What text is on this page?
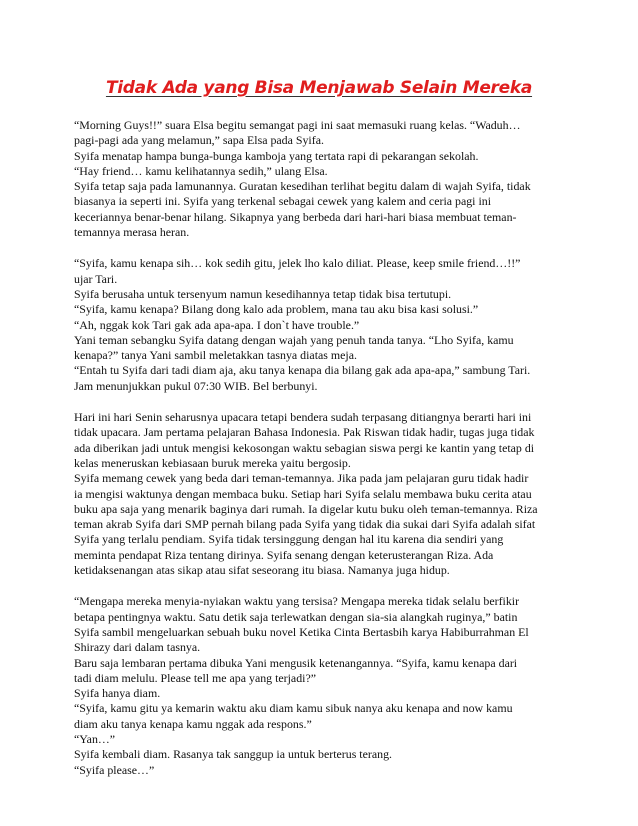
Tidak Ada yang Bisa Menjawab Selain Mereka
“Morning Guys!!” suara Elsa begitu semangat pagi ini saat memasuki ruang kelas. “Waduh…
pagi-pagi ada yang melamun,” sapa Elsa pada Syifa.
Syifa menatap hampa bunga-bunga kamboja yang tertata rapi di pekarangan sekolah.
“Hay friend… kamu kelihatannya sedih,” ulang Elsa.
Syifa tetap saja pada lamunannya. Guratan kesedihan terlihat begitu dalam di wajah Syifa, tidak
biasanya ia seperti ini. Syifa yang terkenal sebagai cewek yang kalem and ceria pagi ini
keceriannya benar-benar hilang. Sikapnya yang berbeda dari hari-hari biasa membuat teman-
temannya merasa heran.
“Syifa, kamu kenapa sih… kok sedih gitu, jelek lho kalo diliat. Please, keep smile friend…!!”
ujar Tari.
Syifa berusaha untuk tersenyum namun kesedihannya tetap tidak bisa tertutupi.
“Syifa, kamu kenapa? Bilang dong kalo ada problem, mana tau aku bisa kasi solusi.”
“Ah, nggak kok Tari gak ada apa-apa. I don`t have trouble.”
Yani teman sebangku Syifa datang dengan wajah yang penuh tanda tanya. “Lho Syifa, kamu
kenapa?” tanya Yani sambil meletakkan tasnya diatas meja.
“Entah tu Syifa dari tadi diam aja, aku tanya kenapa dia bilang gak ada apa-apa,” sambung Tari.
Jam menunjukkan pukul 07:30 WIB. Bel berbunyi.
Hari ini hari Senin seharusnya upacara tetapi bendera sudah terpasang ditiangnya berarti hari ini
tidak upacara. Jam pertama pelajaran Bahasa Indonesia. Pak Riswan tidak hadir, tugas juga tidak
ada diberikan jadi untuk mengisi kekosongan waktu sebagian siswa pergi ke kantin yang tetap di
kelas meneruskan kebiasaan buruk mereka yaitu bergosip.
Syifa memang cewek yang beda dari teman-temannya. Jika pada jam pelajaran guru tidak hadir
ia mengisi waktunya dengan membaca buku. Setiap hari Syifa selalu membawa buku cerita atau
buku apa saja yang menarik baginya dari rumah. Ia digelar kutu buku oleh teman-temannya. Riza
teman akrab Syifa dari SMP pernah bilang pada Syifa yang tidak dia sukai dari Syifa adalah sifat
Syifa yang terlalu pendiam. Syifa tidak tersinggung dengan hal itu karena dia sendiri yang
meminta pendapat Riza tentang dirinya. Syifa senang dengan keterusterangan Riza. Ada
ketidaksenangan atas sikap atau sifat seseorang itu biasa. Namanya juga hidup.
“Mengapa mereka menyia-nyiakan waktu yang tersisa? Mengapa mereka tidak selalu berfikir
betapa pentingnya waktu. Satu detik saja terlewatkan dengan sia-sia alangkah ruginya,” batin
Syifa sambil mengeluarkan sebuah buku novel Ketika Cinta Bertasbih karya Habiburrahman El
Shirazy dari dalam tasnya.
Baru saja lembaran pertama dibuka Yani mengusik ketenangannya. “Syifa, kamu kenapa dari
tadi diam melulu. Please tell me apa yang terjadi?”
Syifa hanya diam.
“Syifa, kamu gitu ya kemarin waktu aku diam kamu sibuk nanya aku kenapa and now kamu
diam aku tanya kenapa kamu nggak ada respons.”
“Yan…”
Syifa kembali diam. Rasanya tak sanggup ia untuk berterus terang.
“Syifa please…”
